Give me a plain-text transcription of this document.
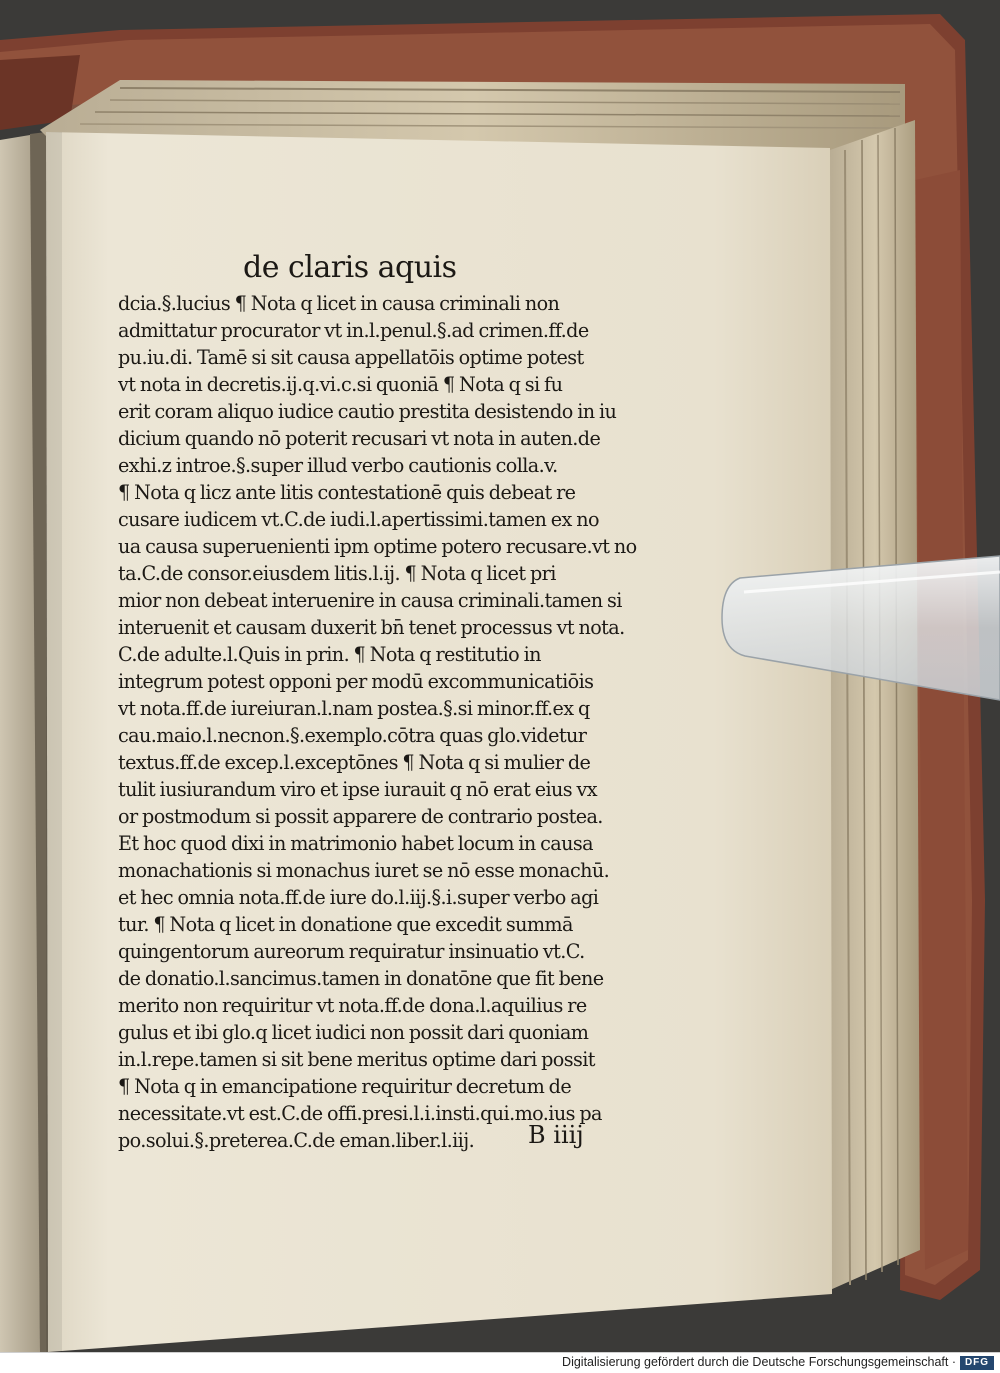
de claris aquis
dcia.§.lucius ¶ Nota q licet in causa criminali non
admittatur procurator vt in.l.penul.§.ad crimen.ff.de
pu.iu.di. Tamē si sit causa appellatōis optime potest
vt nota in decretis.ij.q.vi.c.si quoniā ¶ Nota q si fu
erit coram aliquo iudice cautio prestita desistendo in iu
dicium quando nō poterit recusari vt nota in auten.de
exhi.z introe.§.super illud verbo cautionis colla.v.
¶ Nota q licz ante litis contestationē quis debeat re
cusare iudicem vt.C.de iudi.l.apertissimi.tamen ex no
ua causa superuenienti ipm optime potero recusare.vt no
ta.C.de consor.eiusdem litis.l.ij. ¶ Nota q licet pri
mior non debeat interuenire in causa criminali.tamen si
interuenit et causam duxerit bn̄ tenet processus vt nota.
C.de adulte.l.Quis in prin. ¶ Nota q restitutio in
integrum potest opponi per modū excommunicatiōis
vt nota.ff.de iureiuran.l.nam postea.§.si minor.ff.ex q
cau.maio.l.necnon.§.exemplo.cōtra quas glo.videtur
textus.ff.de excep.l.exceptōnes ¶ Nota q si mulier de
tulit iusiurandum viro et ipse iurauit q nō erat eius vx
or postmodum si possit apparere de contrario postea.
Et hoc quod dixi in matrimonio habet locum in causa
monachationis si monachus iuret se nō esse monachū.
et hec omnia nota.ff.de iure do.l.iij.§.i.super verbo agi
tur. ¶ Nota q licet in donatione que excedit summā
quingentorum aureorum requiratur insinuatio vt.C.
de donatio.l.sancimus.tamen in donatōne que fit bene
merito non requiritur vt nota.ff.de dona.l.aquilius re
gulus et ibi glo.q licet iudici non possit dari quoniam
in.l.repe.tamen si sit bene meritus optime dari possit
¶ Nota q in emancipatione requiritur decretum de
necessitate.vt est.C.de offi.presi.l.i.insti.qui.mo.ius pa
po.solui.§.preterea.C.de eman.liber.l.iij.	B iiij
Digitalisierung gefördert durch die Deutsche Forschungsgemeinschaft · DFG
